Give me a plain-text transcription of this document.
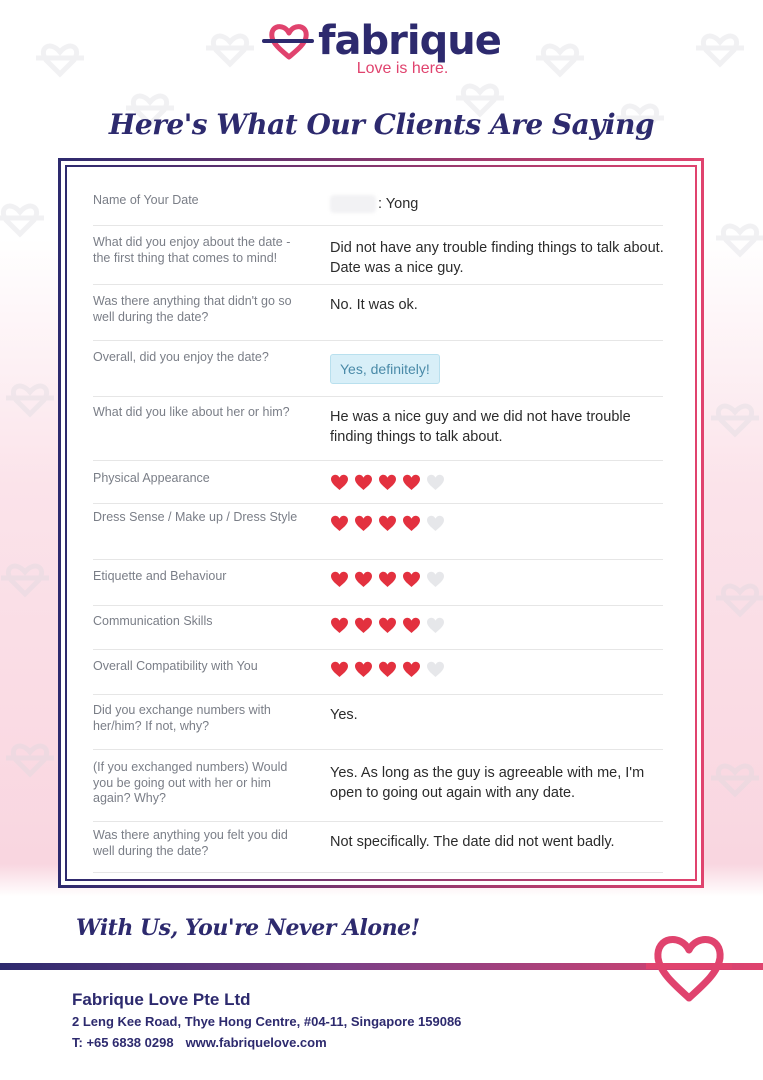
fabrique
Love is here.
Here's What Our Clients Are Saying
Name of Your Date	: Yong
What did you enjoy about the date - the first thing that comes to mind!
Did not have any trouble finding things to talk about. Date was a nice guy.
Was there anything that didn't go so well during the date?
No. It was ok.
Overall, did you enjoy the date?
Yes, definitely!
What did you like about her or him?	He was a nice guy and we did not have trouble finding things to talk about.
Physical Appearance
Dress Sense / Make up / Dress Style
Etiquette and Behaviour
Communication Skills
Overall Compatibility with You
Did you exchange numbers with her/him? If not, why?
Yes.
(If you exchanged numbers) Would you be going out with her or him again? Why?
Yes. As long as the guy is agreeable with me, I'm open to going out again with any date.
Was there anything you felt you did well during the date?
Not specifically. The date did not went badly.
With Us, You're Never Alone!
Fabrique Love Pte Ltd
2 Leng Kee Road, Thye Hong Centre, #04-11, Singapore 159086
T: +65 6838 0298 www.fabriquelove.com
